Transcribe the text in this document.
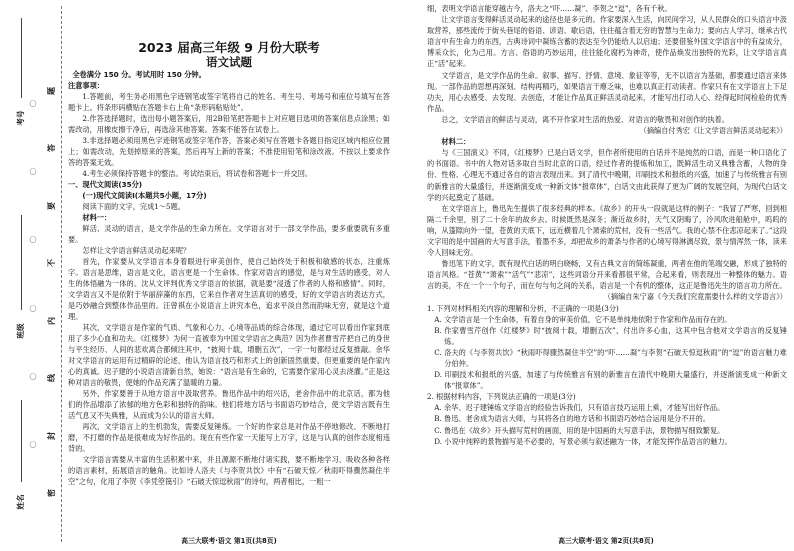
考号
班级
姓名
〇
〇
〇
〇
〇
〇
题
答
要
不
内
线
封
密

2023 届高三年级 9 月份大联考

语文试题

全卷满分 150 分。考试用时 150 分钟。

注意事项：

1.答题前，考生务必用黑色字迹钢笔或签字笔将自己的姓名、考生号、考场号和座位号填写在答题卡上。将条形码横贴在答题卡右上角“条形码粘贴处”。

2.作答选择题时，选出每小题答案后，用2B铅笔把答题卡上对应题目选项的答案信息点涂黑；如需改动，用橡皮擦干净后，再选涂其他答案。答案不能答在试卷上。

3.非选择题必须用黑色字迹钢笔或签字笔作答，答案必须写在答题卡各题目指定区域内相应位置上；如需改动，先划掉原来的答案，然后再写上新的答案；不准使用铅笔和涂改液。不按以上要求作答的答案无效。

4.考生必须保持答题卡的整洁。考试结束后，将试卷和答题卡一并交回。

一、现代文阅读(35分)

(一)现代文阅读Ⅰ(本题共5小题，17分)

阅读下面的文字，完成1～5题。

材料一：

鲜活、灵动的语言，是文学作品的生命力所在。文学语言对于一部文学作品，要多重要就有多重要。

怎样让文学语言鲜活灵动起来呢？

首先，作家要从文学语言本身着眼进行审美创作，使自己始终处于积极和敏感的状态，注重炼字。语言是思维，语言是文化，语言更是一个生命体。作家对语言的感觉，是与对生活的感受、对人生的体悟融为一体的。沈从文评判优秀文学语言的依据，就是要“浸透了作者的人格和感情”。同时，文学语言又不是依附于华丽辞藻的东西，它来自作者对生活真切的感受，好的文学语言的表达方式，是巧妙融合到整体作品里的。汪曾祺在小说语言上讲究本色，追求平淡自然而韵味无穷，就是这个道理。

其次，文学语言是作家的气质、气象和心力、心境等品质的综合体现，通过它可以看出作家到底用了多少心血和功夫。《红楼梦》为何一直被奉为中国文学语言之典范？因为作者曹雪芹把自己的身世与平生经历、人间的悲欢离合都倾注其中，“披阅十载，增删五次”，一字一句都经过反复推敲。余华对文学语言的运用有过精辟的论述，他认为语言技巧和形式上的创新固然重要，但更重要的是作家内心的真诚。迟子建的小说语言清新自然，她说：“语言是有生命的，它需要作家用心灵去浇灌。”正是这种对语言的敬畏，使她的作品充满了温暖的力量。

另外，作家要善于从地方语言中汲取营养。鲁迅作品中的绍兴话，老舍作品中的北京话，都为他们的作品增添了浓郁的地方色彩和独特的韵味。他们将地方话与书面语巧妙结合，使文学语言既有生活气息又不失典雅，从而成为公认的语言大师。

再次，文学语言上的生机勃发，需要反复锤炼。一个好的作家总是对作品不停地修改、不断地打磨，不打磨的作品是很难成为好作品的。现在有些作家一天能写上万字，这是与认真的创作态度相违背的。

文学语言需要从丰富的生活积累中来，并且源源不断地付诸实践，要不断地学习、吸收各种各样的语言素材，拓展语言的触角。比如诗人洛夫《与李贺共饮》中有“石破天惊／秋雨吓得骤然凝住半空”之句，化用了李贺《李凭箜篌引》“石破天惊逗秋雨”的诗句，两者相比，一粗一

细，表明文学语言能穿越古今，洛夫之“吓……凝”、李贺之“逗”，各有千秋。

让文学语言变得鲜活灵动起来的途径也是多元的。作家要深入生活，向民间学习，从人民群众的口头语言中汲取营养，那些流传于街头巷尾的俗语、谚语、歇后语，往往蕴含着无穷的智慧与生命力；要向古人学习，继承古代语言中有生命力的东西，古典诗词中凝练含蓄的表达至今仍能给人以启迪；还要借鉴外国文学语言中的有益成分，博采众长，化为己用。方言、俗语的巧妙运用，往往能化腐朽为神奇，使作品焕发出独特的光彩，让文学语言真正“活”起来。

文学语言，是文学作品的生命。叙事、描写、抒情、意境、象征等等，无不以语言为基础，都要通过语言来体现。一部作品的思想再深刻、结构再精巧，如果语言干瘪乏味，也难以真正打动读者。作家只有在文学语言上下足功夫，用心去感受、去发现、去创造，才能让作品真正鲜活灵动起来，才能写出打动人心、经得起时间检验的优秀作品。

总之，文学语言的鲜活与灵动，离不开作家对生活的热爱、对语言的敬畏和对创作的执着。

（摘编自付秀宏《让文学语言鲜活灵动起来》）

材料二：

与《三国演义》不同，《红楼梦》已是白话文学，但作者所使用的白话并不是纯然的口语，而是一种口语化了的书面语。书中的人物对话多取自当时北京的口语，经过作者的提炼和加工，既鲜活生动又典雅含蓄，人物的身份、性格、心理无不通过各自的语言表现出来。到了清代中晚期，印刷技术和报纸的兴盛，加速了与传统雅言有别的新雅言的大量盛行，并逐渐演变成一种新文体“报章体”，白话文由此获得了更为广阔的发展空间，为现代白话文学的兴起奠定了基础。

在文学语言上，鲁迅先生提供了很多经典的样本。《故乡》的开头一段就是这样的例子：“我冒了严寒，回到相隔二千余里，别了二十余年的故乡去。时候既然是深冬；渐近故乡时，天气又阴晦了，冷风吹进船舱中，呜呜的响，从篷隙向外一望，苍黄的天底下，远近横着几个萧索的荒村，没有一些活气。我的心禁不住悲凉起来了。”这段文字用的是中国画的大写意手法，着墨不多，却把故乡的萧条与作者的心境写得淋漓尽致，景与情浑然一体，读来令人回味无穷。

鲁迅笔下的文字，既有现代白话的明白晓畅，又有古典文言的简练凝重，两者在他的笔端交融，形成了独特的语言风格。“苍黄”“萧索”“活气”“悲凉”，这些词语分开来看都很平常，合起来看，则表现出一种整体的魅力。语言的美，不在一个一个句子，而在句与句之间的关系，语言是一个有机的整体，这正是鲁迅先生的语言功力所在。

（摘编自朱宁嘉《今天我们究竟需要什么样的文学语言》）

1. 下列对材料相关内容的理解和分析，不正确的一项是(3分)

A. 文学语言是一个生命体，有着自身的审美价值，它不是单纯地依附于作家和作品而存在的。

B. 作家曹雪芹创作《红楼梦》时“披阅十载，增删五次”，付出许多心血，这其中包含他对文学语言的反复锤炼。

C. 洛夫的《与李贺共饮》“秋雨吓得骤然凝住半空”的“吓……凝”与李贺“石破天惊逗秋雨”的“逗”的语言魅力难分伯仲。

D. 印刷技术和报纸的兴盛，加速了与传统雅言有别的新雅言在清代中晚期大量盛行，并逐渐演变成一种新文体“报章体”。

2. 根据材料内容，下列说法正确的一项是(3分)

A. 余华、迟子建锤炼文学语言的经验告诉我们，只有语言技巧运用上乘，才能写出好作品。

B. 鲁迅、老舍成为语言大师，与其将各自的地方话和书面语巧妙结合运用是分不开的。

C. 鲁迅在《故乡》开头描写荒村的画面，用的是中国画的大写意手法，景物描写细致繁复。

D. 小说中纯粹的景物描写是不必要的，写景必须与叙述融为一体，才能发挥作品语言的魅力。

高三大联考·语文 第1页(共8页)	高三大联考·语文 第2页(共8页)
